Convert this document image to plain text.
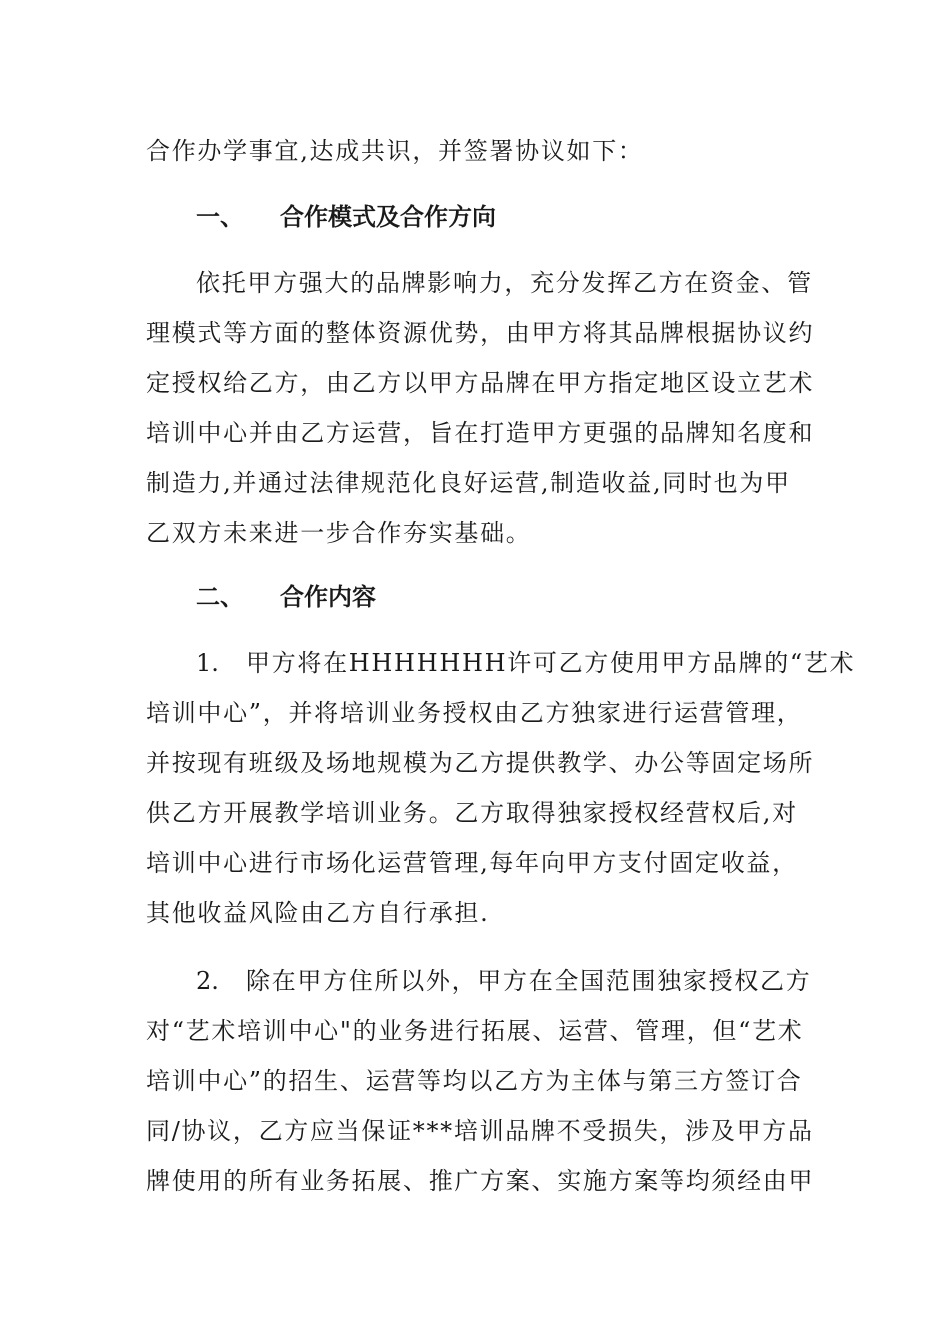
合作办学事宜,达成共识，并签署协议如下：
一、 合作模式及合作方向
依托甲方强大的品牌影响力，充分发挥乙方在资金、管
理模式等方面的整体资源优势，由甲方将其品牌根据协议约
定授权给乙方，由乙方以甲方品牌在甲方指定地区设立艺术
培训中心并由乙方运营，旨在打造甲方更强的品牌知名度和
制造力,并通过法律规范化良好运营,制造收益,同时也为甲
乙双方未来进一步合作夯实基础。
二、 合作内容
1. 甲方将在HHHHHHH许可乙方使用甲方品牌的“艺术
培训中心”，并将培训业务授权由乙方独家进行运营管理，
并按现有班级及场地规模为乙方提供教学、办公等固定场所
供乙方开展教学培训业务。乙方取得独家授权经营权后,对
培训中心进行市场化运营管理,每年向甲方支付固定收益，
其他收益风险由乙方自行承担.
2. 除在甲方住所以外，甲方在全国范围独家授权乙方
对“艺术培训中心"的业务进行拓展、运营、管理，但“艺术
培训中心”的招生、运营等均以乙方为主体与第三方签订合
同/协议，乙方应当保证***培训品牌不受损失，涉及甲方品
牌使用的所有业务拓展、推广方案、实施方案等均须经由甲
